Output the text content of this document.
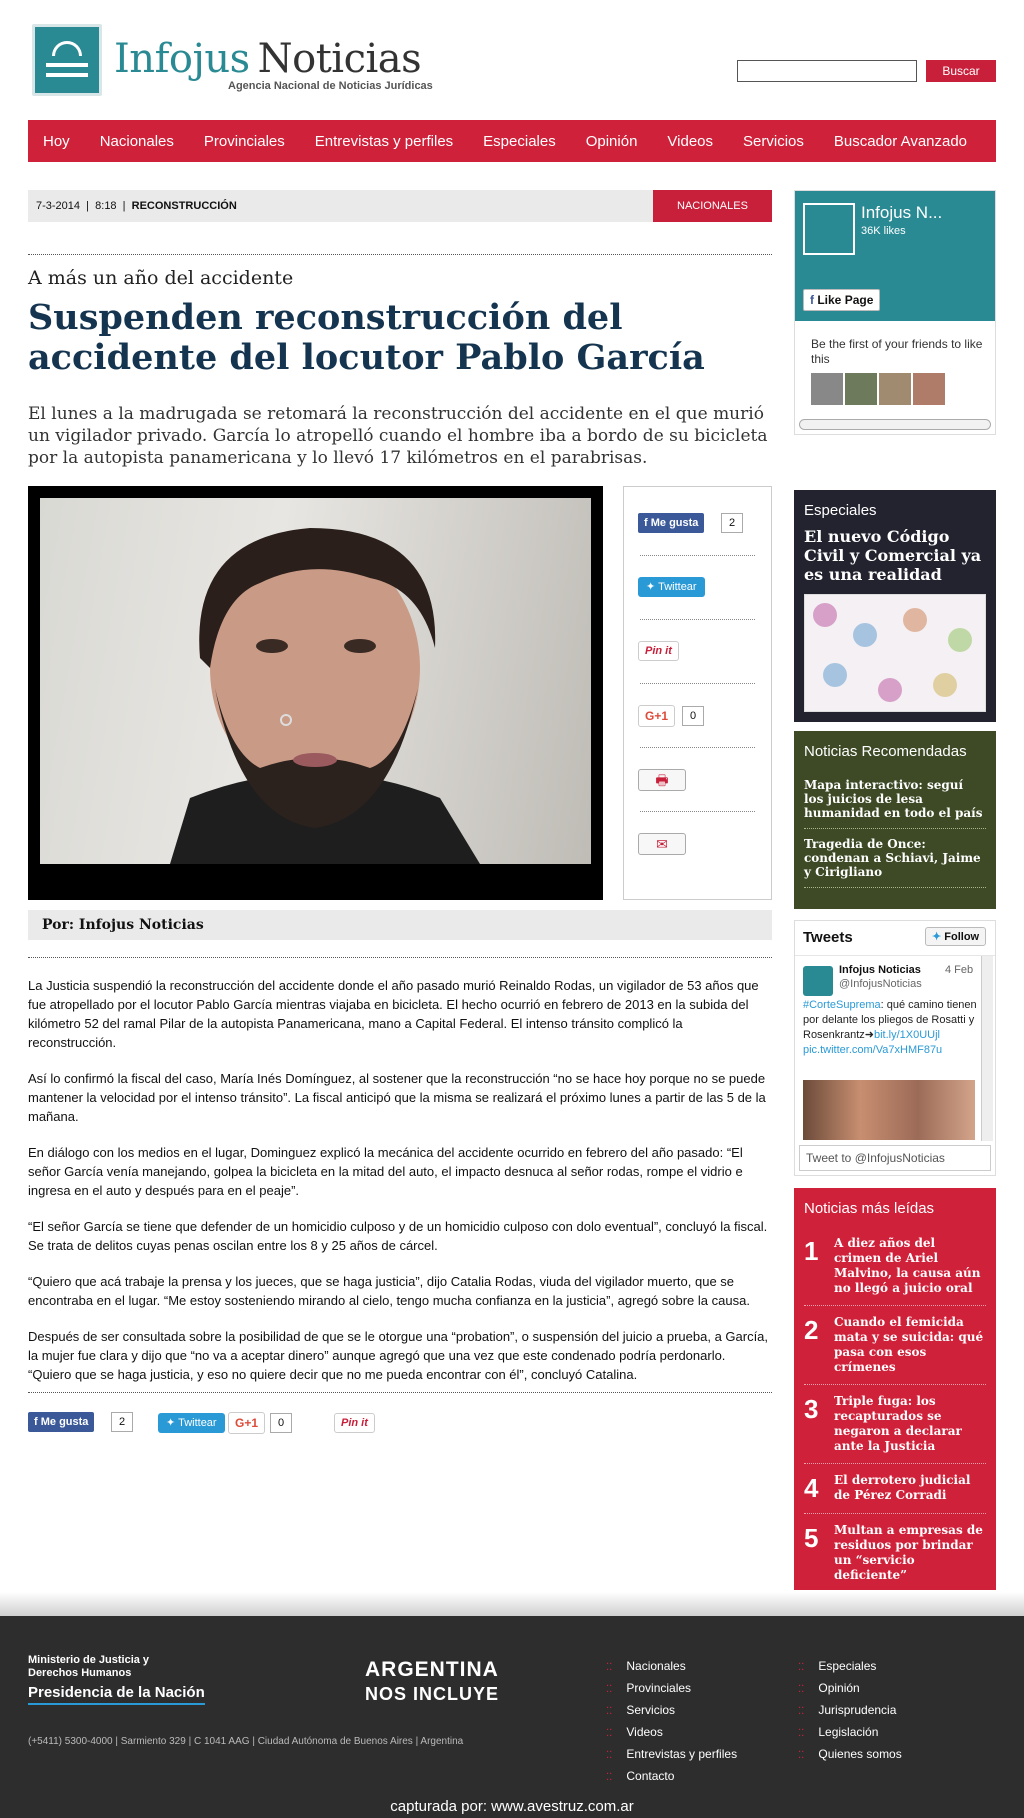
Infojus Noticias
Agencia Nacional de Noticias Jurídicas
Buscar
Hoy Nacionales Provinciales Entrevistas y perfiles Especiales Opinión Videos Servicios Buscador Avanzado
7-3-2014  |  8:18  |  RECONSTRUCCIÓN	NACIONALES
A más un año del accidente
Suspenden reconstrucción del accidente del locutor Pablo García
El lunes a la madrugada se retomará la reconstrucción del accidente en el que murió un vigilador privado. García lo atropelló cuando el hombre iba a bordo de su bicicleta por la autopista panamericana y lo llevó 17 kilómetros en el parabrisas.
f Me gusta	2
✦ Twittear
Pin it
G+1	0
🖶
✉
Por: Infojus Noticias

La Justicia suspendió la reconstrucción del accidente donde el año pasado murió Reinaldo Rodas, un vigilador de 53 años que fue atropellado por el locutor Pablo García mientras viajaba en bicicleta. El hecho ocurrió en febrero de 2013 en la subida del kilómetro 52 del ramal Pilar de la autopista Panamericana, mano a Capital Federal. El intenso tránsito complicó la reconstrucción.

Así lo confirmó la fiscal del caso, María Inés Domínguez, al sostener que la reconstrucción “no se hace hoy porque no se puede mantener la velocidad por el intenso tránsito”. La fiscal anticipó que la misma se realizará el próximo lunes a partir de las 5 de la mañana.

En diálogo con los medios en el lugar, Dominguez explicó la mecánica del accidente ocurrido en febrero del año pasado: “El señor García venía manejando, golpea la bicicleta en la mitad del auto, el impacto desnuca al señor rodas, rompe el vidrio e ingresa en el auto y después para en el peaje”.

“El señor García se tiene que defender de un homicidio culposo y de un homicidio culposo con dolo eventual”, concluyó la fiscal. Se trata de delitos cuyas penas oscilan entre los 8 y 25 años de cárcel.

“Quiero que acá trabaje la prensa y los jueces, que se haga justicia”, dijo Catalia Rodas, viuda del vigilador muerto, que se encontraba en el lugar. “Me estoy sosteniendo mirando al cielo, tengo mucha confianza en la justicia”, agregó sobre la causa.

Después de ser consultada sobre la posibilidad de que se le otorgue una “probation”, o suspensión del juicio a prueba, a García, la mujer fue clara y dijo que “no va a aceptar dinero” aunque agregó que una vez que este condenado podría perdonarlo. “Quiero que se haga justicia, y eso no quiere decir que no me pueda encontrar con él”, concluyó Catalina.

f Me gusta	2	✦ Twittear	G+1	0	Pin it
Infojus N...
36K likes
f Like Page
Be the first of your friends to like this
Especiales
El nuevo Código Civil y Comercial ya es una realidad
Noticias Recomendadas
Mapa interactivo: seguí los juicios de lesa humanidad en todo el país
Tragedia de Once: condenan a Schiavi, Jaime y Cirigliano
Tweets	✦ Follow
Infojus Noticias
@InfojusNoticias
4 Feb
#CorteSuprema: qué camino tienen por delante los pliegos de Rosatti y Rosenkrantz➜bit.ly/1X0UUjl pic.twitter.com/Va7xHMF87u
Tweet to @InfojusNoticias
Noticias más leídas
1	A diez años del crimen de Ariel Malvino, la causa aún no llegó a juicio oral
2	Cuando el femicida mata y se suicida: qué pasa con esos crímenes
3	Triple fuga: los recapturados se negaron a declarar ante la Justicia
4	El derrotero judicial de Pérez Corradi
5	Multan a empresas de residuos por brindar un “servicio deficiente”
Ministerio de Justicia y Derechos Humanos
Presidencia de la Nación
(+5411) 5300-4000 | Sarmiento 329 | C 1041 AAG | Ciudad Autónoma de Buenos Aires | Argentina
ARGENTINA
NOS INCLUYE
⁚⁚ Nacionales
⁚⁚ Provinciales
⁚⁚ Servicios
⁚⁚ Videos
⁚⁚ Entrevistas y perfiles
⁚⁚ Contacto
⁚⁚ Especiales
⁚⁚ Opinión
⁚⁚ Jurisprudencia
⁚⁚ Legislación
⁚⁚ Quienes somos
capturada por: www.avestruz.com.ar
